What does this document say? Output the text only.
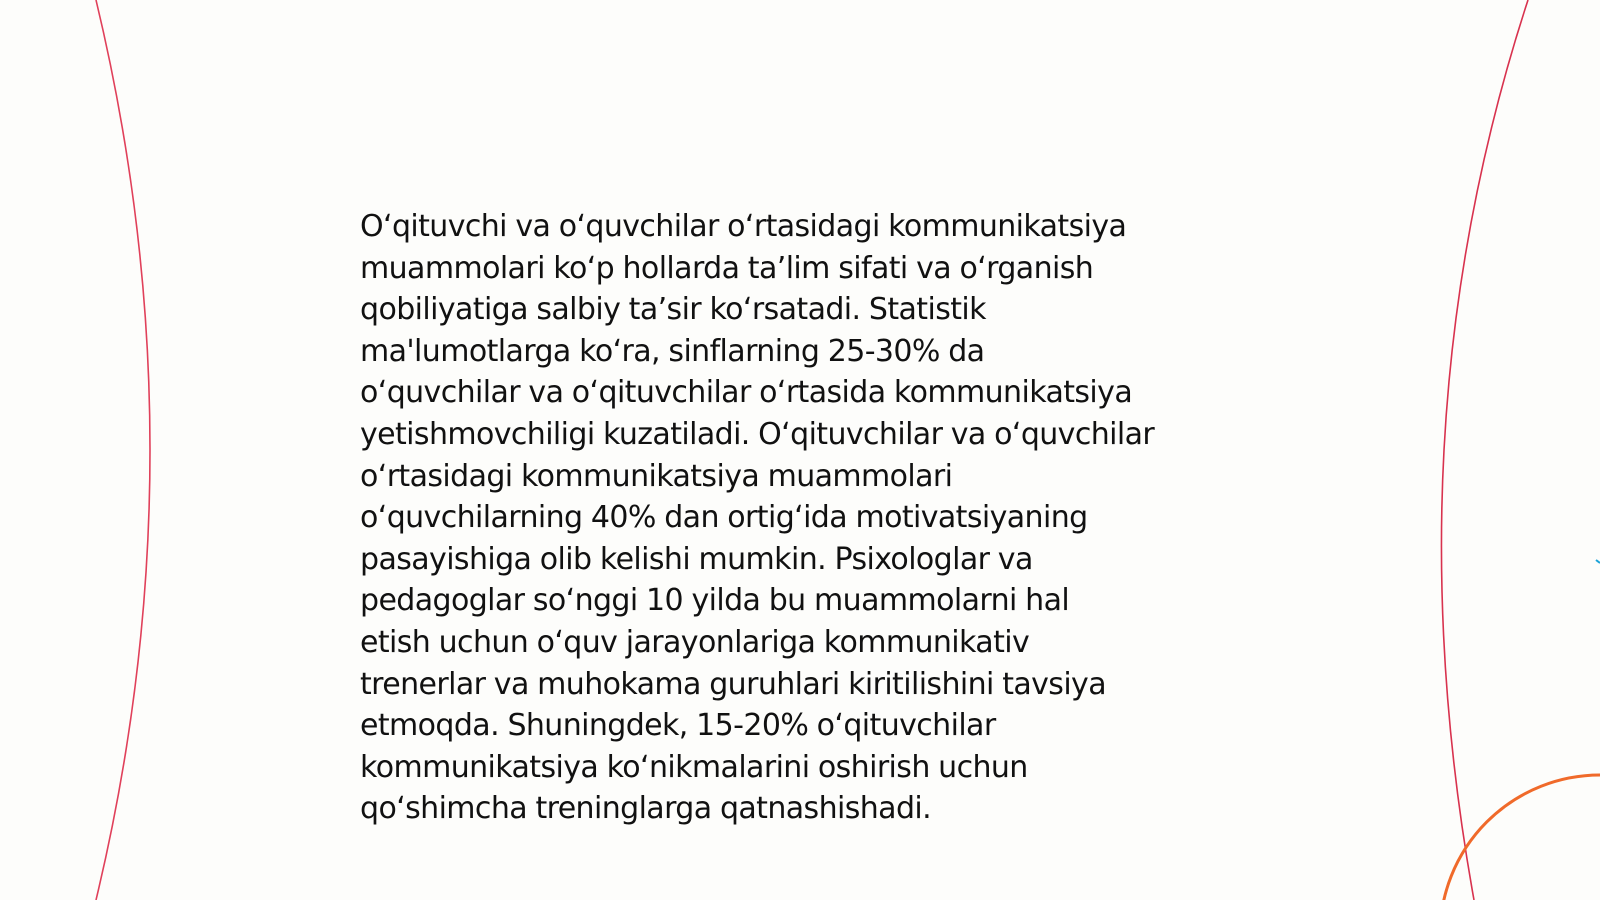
O‘qituvchi va o‘quvchilar o‘rtasidagi kommunikatsiya
muammolari ko‘p hollarda ta’lim sifati va o‘rganish
qobiliyatiga salbiy ta’sir ko‘rsatadi. Statistik
ma'lumotlarga ko‘ra, sinflarning 25-30% da
o‘quvchilar va o‘qituvchilar o‘rtasida kommunikatsiya
yetishmovchiligi kuzatiladi. O‘qituvchilar va o‘quvchilar
o‘rtasidagi kommunikatsiya muammolari
o‘quvchilarning 40% dan ortig‘ida motivatsiyaning
pasayishiga olib kelishi mumkin. Psixologlar va
pedagoglar so‘nggi 10 yilda bu muammolarni hal
etish uchun o‘quv jarayonlariga kommunikativ
trenerlar va muhokama guruhlari kiritilishini tavsiya
etmoqda. Shuningdek, 15-20% o‘qituvchilar
kommunikatsiya ko‘nikmalarini oshirish uchun
qo‘shimcha treninglarga qatnashishadi.
